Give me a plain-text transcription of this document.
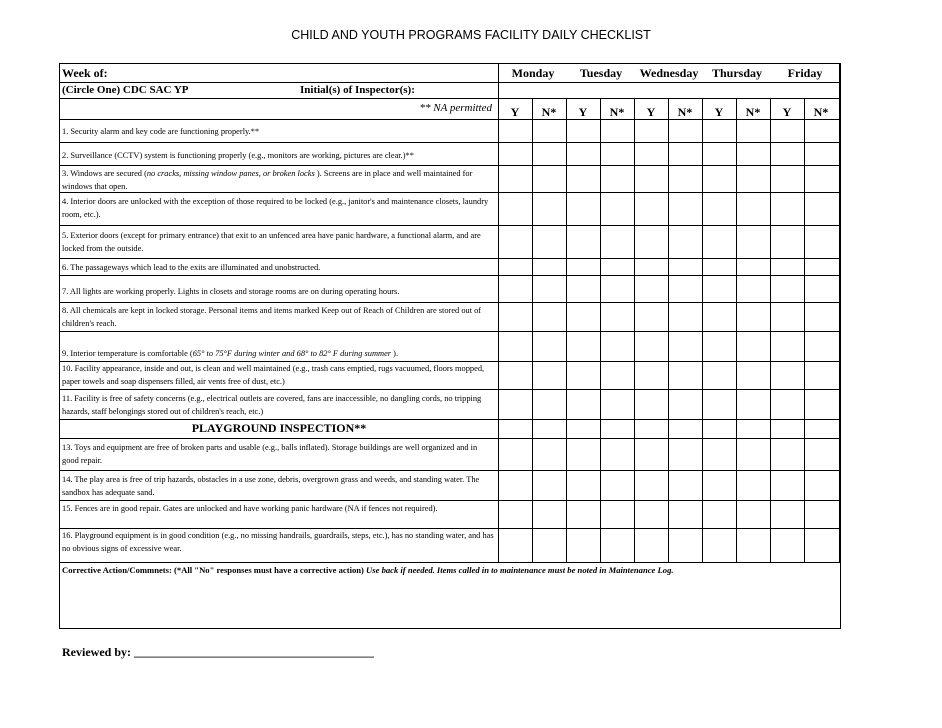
CHILD AND YOUTH PROGRAMS FACILITY DAILY CHECKLIST
Week of:	Monday	Tuesday	Wednesday	Thursday	Friday
(Circle One) CDC SAC YP	Initial(s) of Inspector(s):
** NA permitted	Y	N*	Y	N*	Y	N*	Y	N*	Y	N*
1. Security alarm and key code are functioning properly.**
2. Surveillance (CCTV) system is functioning properly (e.g., monitors are working, pictures are clear.)**
3. Windows are secured (no cracks, missing window panes, or broken locks ). Screens are in place and well maintained for windows that open.
4. Interior doors are unlocked with the exception of those required to be locked (e.g., janitor's and maintenance closets, laundry room, etc.).
5. Exterior doors (except for primary entrance) that exit to an unfenced area have panic hardware, a functional alarm, and are locked from the outside.
6. The passageways which lead to the exits are illuminated and unobstructed.
7. All lights are working properly. Lights in closets and storage rooms are on during operating hours.
8. All chemicals are kept in locked storage. Personal items and items marked Keep out of Reach of Children are stored out of children's reach.
9. Interior temperature is comfortable (65° to 75°F during winter and 68° to 82° F during summer ).
10. Facility appearance, inside and out, is clean and well maintained (e.g., trash cans emptied, rugs vacuumed, floors mopped, paper towels and soap dispensers filled, air vents free of dust, etc.)
11. Facility is free of safety concerns (e.g., electrical outlets are covered, fans are inaccessible, no dangling cords, no tripping hazards, staff belongings stored out of children's reach, etc.)
PLAYGROUND INSPECTION**
13. Toys and equipment are free of broken parts and usable (e.g., balls inflated). Storage buildings are well organized and in good repair.
14. The play area is free of trip hazards, obstacles in a use zone, debris, overgrown grass and weeds, and standing water. The sandbox has adequate sand.
15. Fences are in good repair. Gates are unlocked and have working panic hardware (NA if fences not required).
16. Playground equipment is in good condition (e.g., no missing handrails, guardrails, steps, etc.), has no standing water, and has no obvious signs of excessive wear.
Corrective Action/Commnets: (*All "No" responses must have a corrective action) Use back if needed. Items called in to maintenance must be noted in Maintenance Log.
Reviewed by: ________________________________________
